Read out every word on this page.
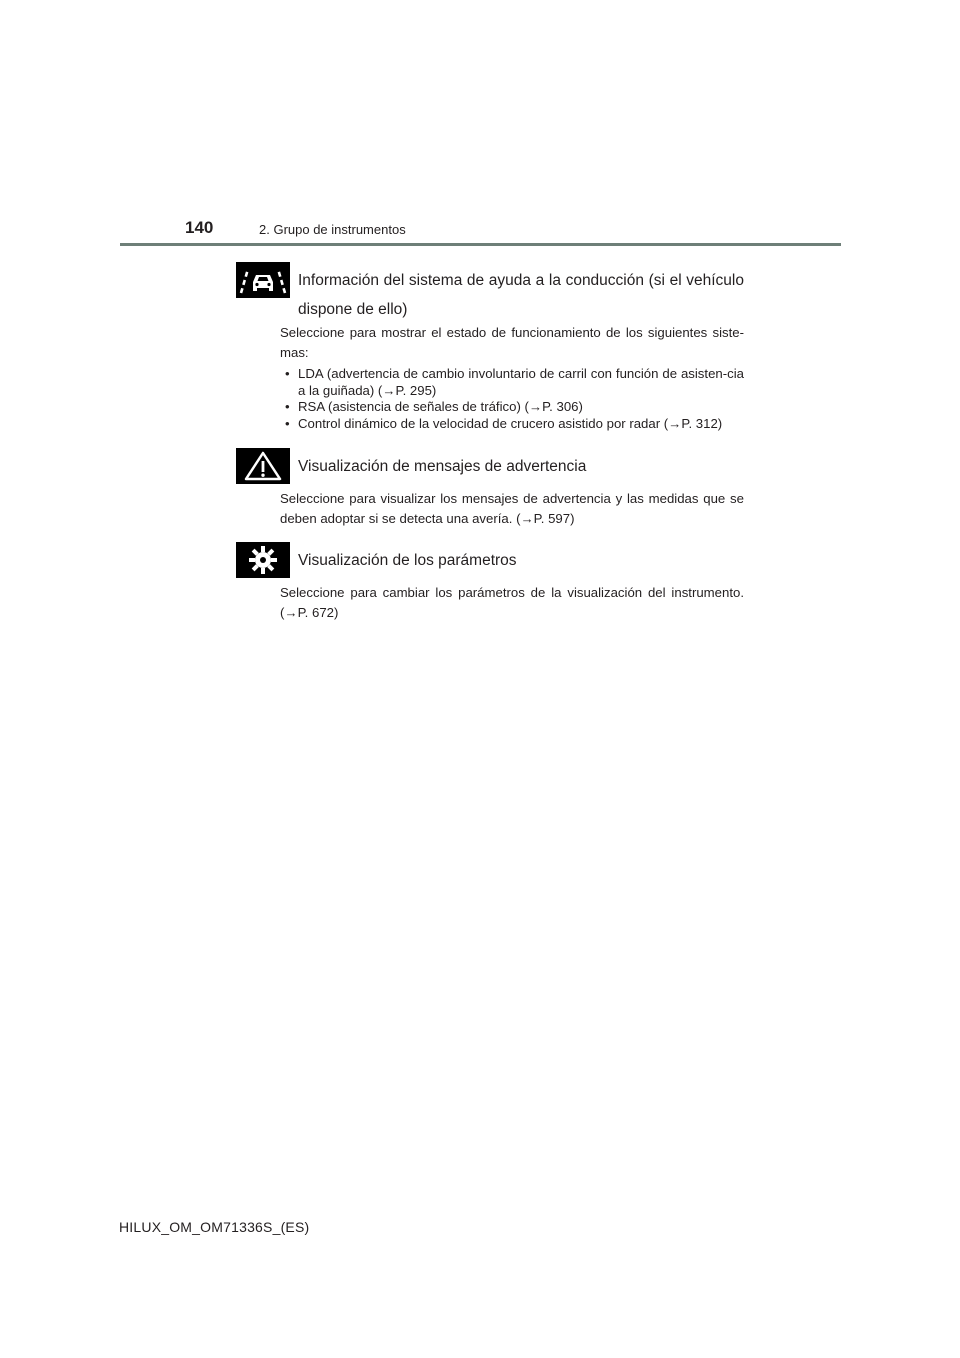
140	2. Grupo de instrumentos
Información del sistema de ayuda a la conducción (si el vehículo dispone de ello)
Seleccione para mostrar el estado de funcionamiento de los siguientes siste-mas:
• LDA (advertencia de cambio involuntario de carril con función de asisten-cia a la guiñada) (→P. 295)
• RSA (asistencia de señales de tráfico) (→P. 306)
• Control dinámico de la velocidad de crucero asistido por radar (→P. 312)
Visualización de mensajes de advertencia
Seleccione para visualizar los mensajes de advertencia y las medidas que se deben adoptar si se detecta una avería. (→P. 597)
Visualización de los parámetros
Seleccione para cambiar los parámetros de la visualización del instrumento. (→P. 672)
HILUX_OM_OM71336S_(ES)
